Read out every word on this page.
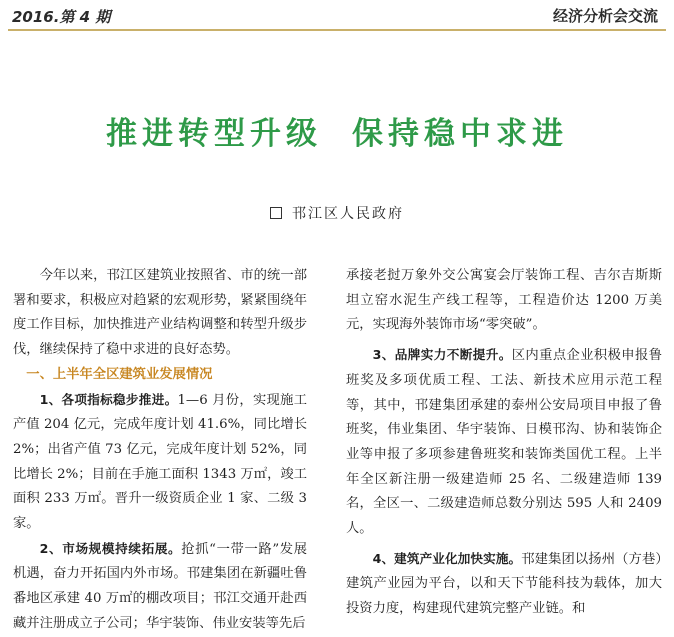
2016.第 4 期	经济分析会交流
推进转型升级 保持稳中求进
邗江区人民政府

今年以来，邗江区建筑业按照省、市的统一部署和要求，积极应对趋紧的宏观形势，紧紧围绕年度工作目标，加快推进产业结构调整和转型升级步伐，继续保持了稳中求进的良好态势。

一、上半年全区建筑业发展情况

1、各项指标稳步推进。1—6 月份，实现施工产值 204 亿元，完成年度计划 41.6%，同比增长 2%；出省产值 73 亿元，完成年度计划 52%，同比增长 2%；目前在手施工面积 1343 万㎡，竣工面积 233 万㎡。晋升一级资质企业 1 家、二级 3 家。

2、市场规模持续拓展。抢抓“一带一路”发展机遇，奋力开拓国内外市场。邗建集团在新疆吐鲁番地区承建 40 万㎡的棚改项目；邗江交通开赴西藏并注册成立子公司；华宇装饰、伟业安装等先后

承接老挝万象外交公寓宴会厅装饰工程、吉尔吉斯斯坦立窑水泥生产线工程等，工程造价达 1200 万美元，实现海外装饰市场“零突破”。

3、品牌实力不断提升。区内重点企业积极申报鲁班奖及多项优质工程、工法、新技术应用示范工程等，其中，邗建集团承建的泰州公安局项目申报了鲁班奖，伟业集团、华宇装饰、日模邗沟、协和装饰企业等申报了多项参建鲁班奖和装饰类国优工程。上半年全区新注册一级建造师 25 名、二级建造师 139 名，全区一、二级建造师总数分别达 595 人和 2409 人。

4、建筑产业化加快实施。邗建集团以扬州（方巷）建筑产业园为平台，以和天下节能科技为载体，加大投资力度，构建现代建筑完整产业链。和
